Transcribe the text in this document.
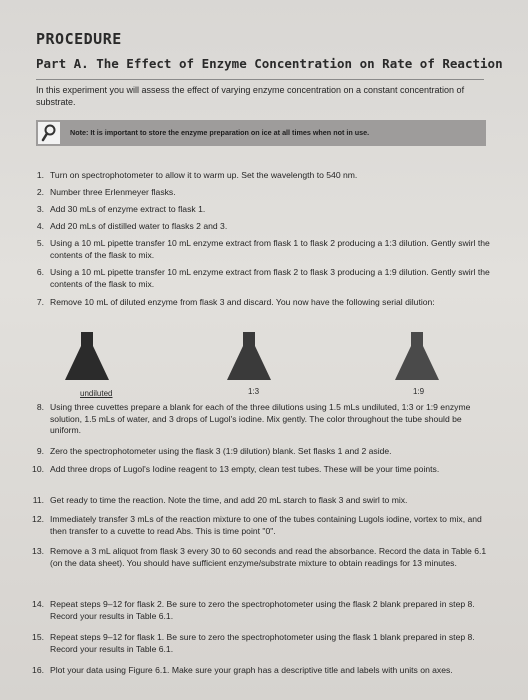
PROCEDURE
Part A. The Effect of Enzyme Concentration on Rate of Reaction
In this experiment you will assess the effect of varying enzyme concentration on a constant concentration of substrate.
Note: It is important to store the enzyme preparation on ice at all times when not in use.
1. Turn on spectrophotometer to allow it to warm up. Set the wavelength to 540 nm.
2. Number three Erlenmeyer flasks.
3. Add 30 mLs of enzyme extract to flask 1.
4. Add 20 mLs of distilled water to flasks 2 and 3.
5. Using a 10 mL pipette transfer 10 mL enzyme extract from flask 1 to flask 2 producing a 1:3 dilution. Gently swirl the contents of the flask to mix.
6. Using a 10 mL pipette transfer 10 mL enzyme extract from flask 2 to flask 3 producing a 1:9 dilution. Gently swirl the contents of the flask to mix.
7. Remove 10 mL of diluted enzyme from flask 3 and discard. You now have the following serial dilution:
undiluted	1:3	1:9
8. Using three cuvettes prepare a blank for each of the three dilutions using 1.5 mLs undiluted, 1:3 or 1:9 enzyme solution, 1.5 mLs of water, and 3 drops of Lugol's iodine. Mix gently. The color throughout the tube should be uniform.
9. Zero the spectrophotometer using the flask 3 (1:9 dilution) blank. Set flasks 1 and 2 aside.
10. Add three drops of Lugol's Iodine reagent to 13 empty, clean test tubes. These will be your time points.
11. Get ready to time the reaction. Note the time, and add 20 mL starch to flask 3 and swirl to mix.
12. Immediately transfer 3 mLs of the reaction mixture to one of the tubes containing Lugols iodine, vortex to mix, and then transfer to a cuvette to read Abs. This is time point "0".
13. Remove a 3 mL aliquot from flask 3 every 30 to 60 seconds and read the absorbance. Record the data in Table 6.1 (on the data sheet). You should have sufficient enzyme/substrate mixture to obtain readings for 13 minutes.
14. Repeat steps 9–12 for flask 2. Be sure to zero the spectrophotometer using the flask 2 blank prepared in step 8. Record your results in Table 6.1.
15. Repeat steps 9–12 for flask 1. Be sure to zero the spectrophotometer using the flask 1 blank prepared in step 8. Record your results in Table 6.1.
16. Plot your data using Figure 6.1. Make sure your graph has a descriptive title and labels with units on axes.
